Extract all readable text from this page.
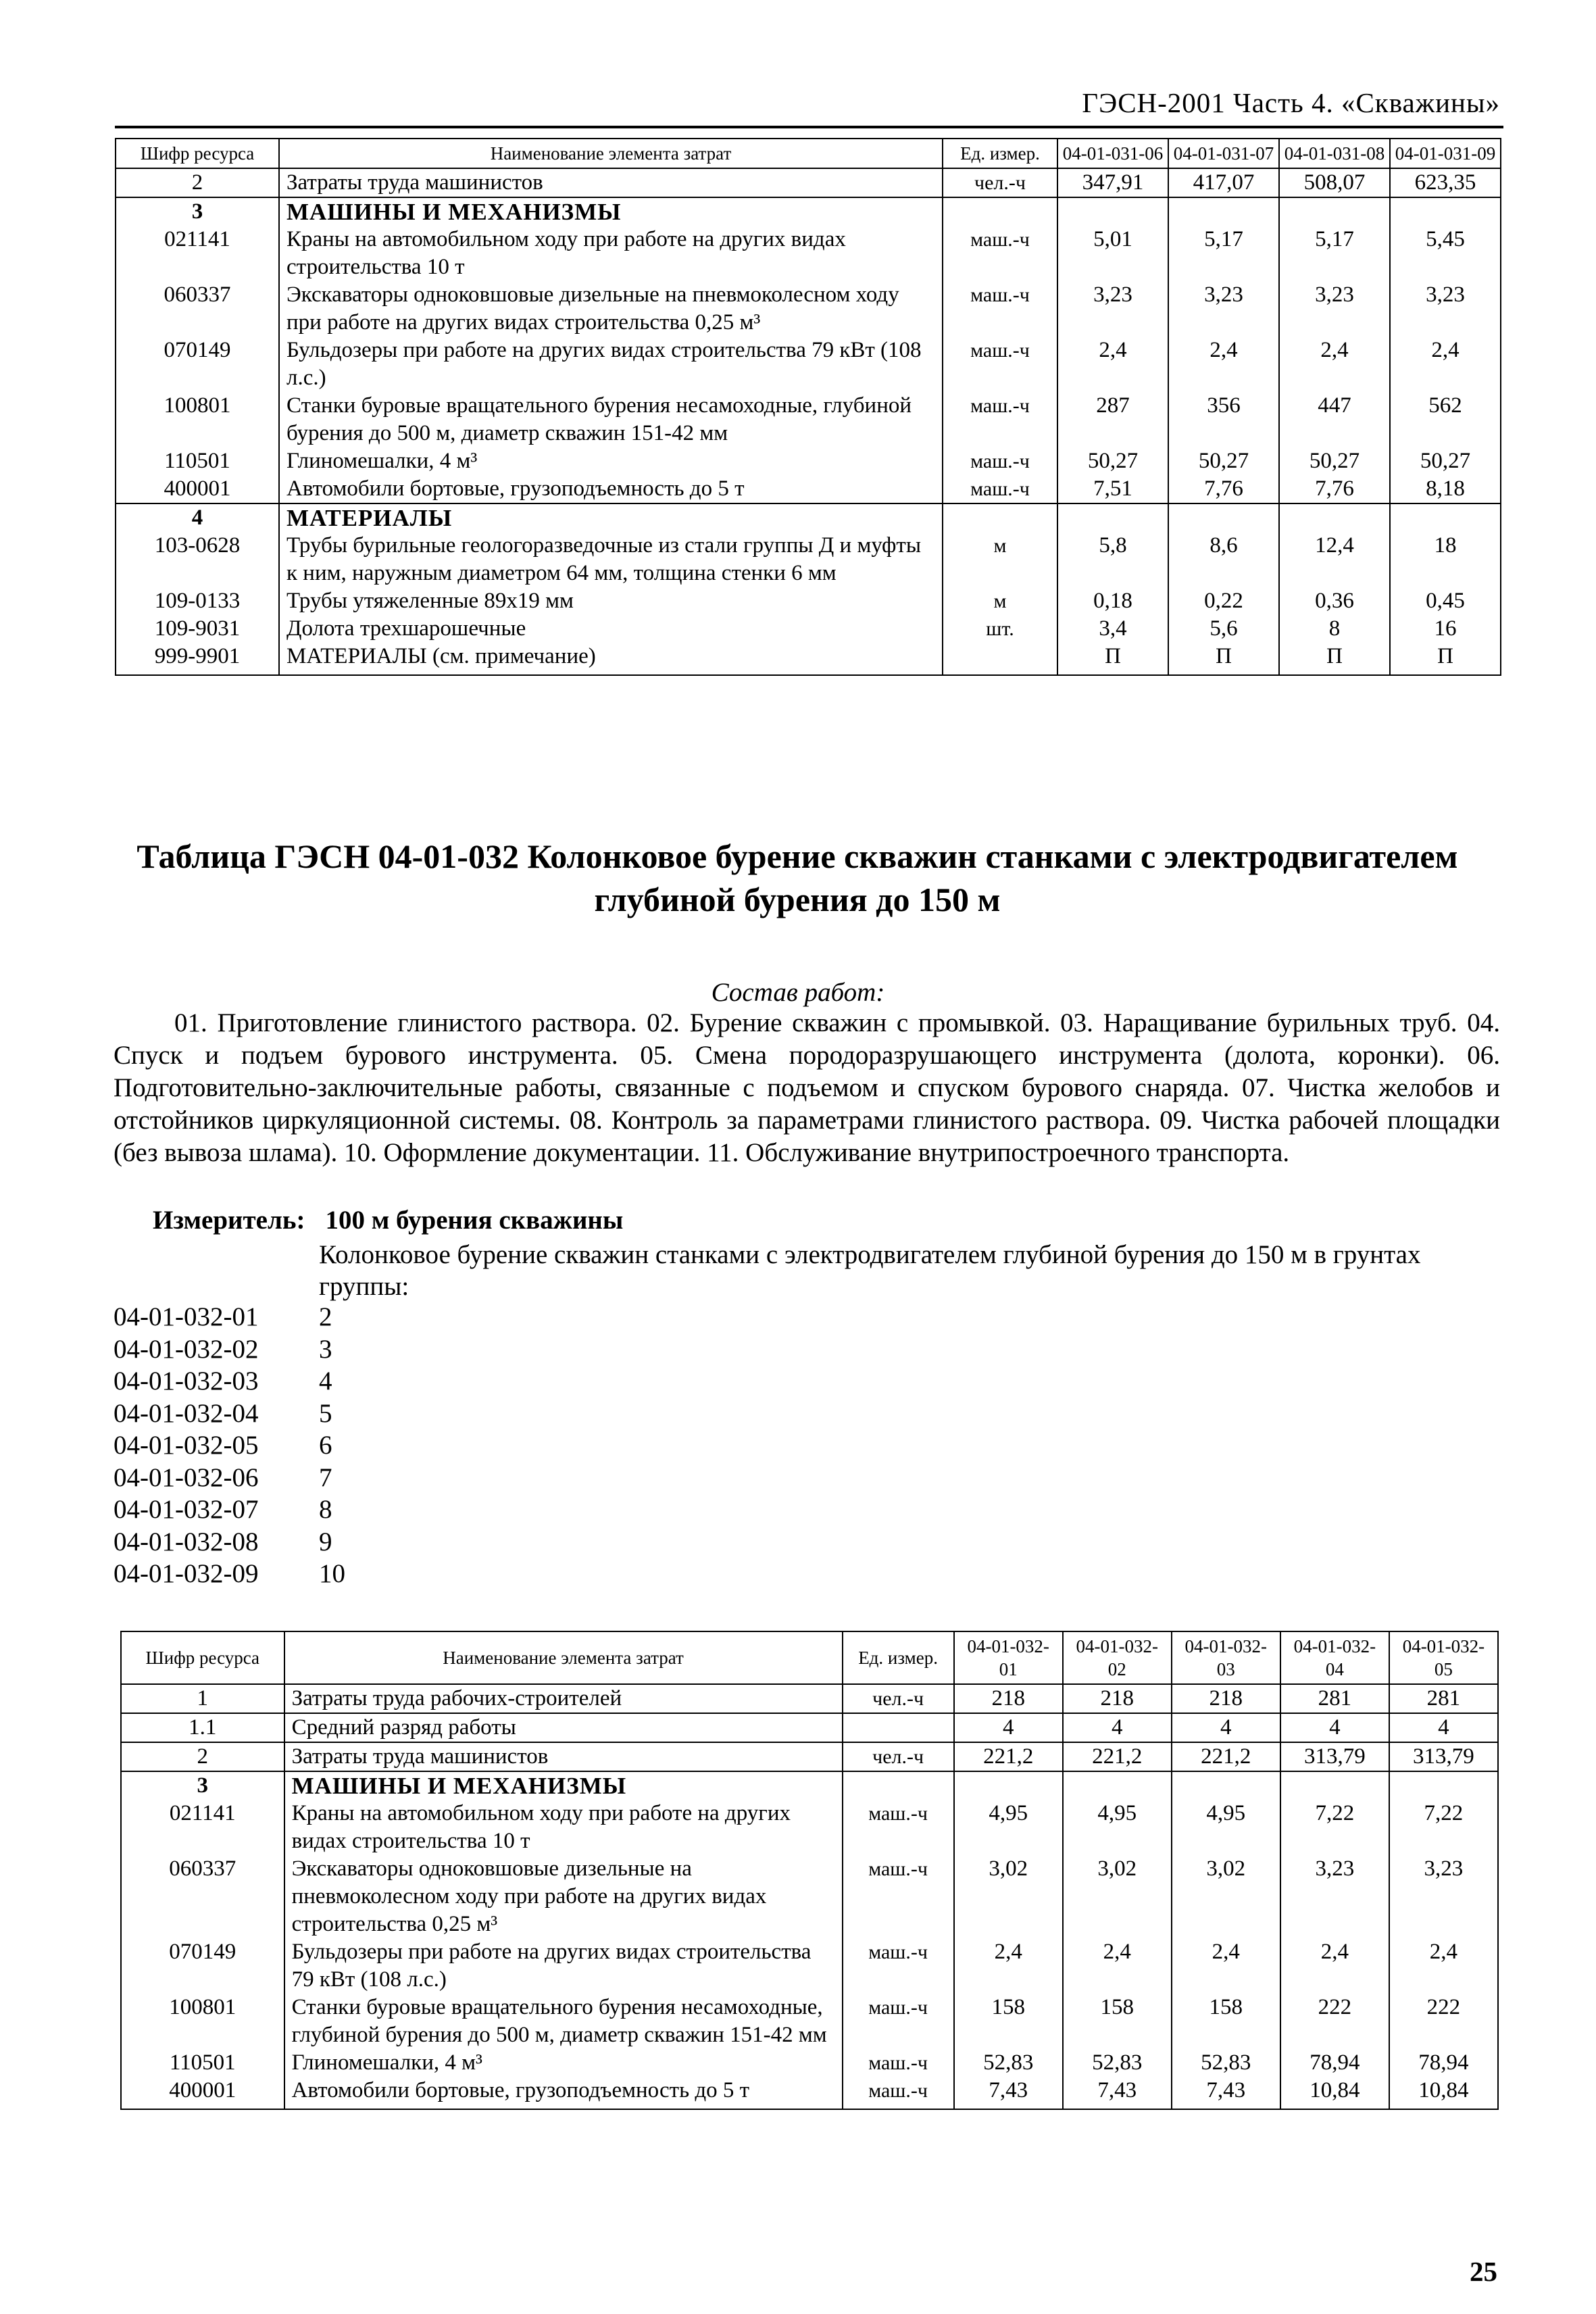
ГЭСН-2001 Часть 4. «Скважины»
Шифр ресурса	Наименование элемента затрат	Ед. измер.	04-01-031-06	04-01-031-07	04-01-031-08	04-01-031-09
2	Затраты труда машинистов	чел.-ч	347,91	417,07	508,07	623,35
3	МАШИНЫ И МЕХАНИЗМЫ					
021141	Краны на автомобильном ходу при работе на других видах строительства 10 т	маш.-ч	5,01	5,17	5,17	5,45
060337	Экскаваторы одноковшовые дизельные на пневмоколесном ходу при работе на других видах строительства 0,25 м³	маш.-ч	3,23	3,23	3,23	3,23
070149	Бульдозеры при работе на других видах строительства 79 кВт (108 л.с.)	маш.-ч	2,4	2,4	2,4	2,4
100801	Станки буровые вращательного бурения несамоходные, глубиной бурения до 500 м, диаметр скважин 151-42 мм	маш.-ч	287	356	447	562
110501	Глиномешалки, 4 м³	маш.-ч	50,27	50,27	50,27	50,27
400001	Автомобили бортовые, грузоподъемность до 5 т	маш.-ч	7,51	7,76	7,76	8,18
4	МАТЕРИАЛЫ					
103-0628	Трубы бурильные геологоразведочные из стали группы Д и муфты к ним, наружным диаметром 64 мм, толщина стенки 6 мм	м	5,8	8,6	12,4	18
109-0133	Трубы утяжеленные 89x19 мм	м	0,18	0,22	0,36	0,45
109-9031	Долота трехшарошечные	шт.	3,4	5,6	8	16
999-9901	МАТЕРИАЛЫ (см. примечание)		П	П	П	П
Таблица ГЭСН 04-01-032 Колонковое бурение скважин станками с электродвигателем глубиной бурения до 150 м
Состав работ:
01. Приготовление глинистого раствора. 02. Бурение скважин с промывкой. 03. Наращивание бурильных труб. 04. Спуск и подъем бурового инструмента. 05. Смена породоразрушающего инструмента (долота, коронки). 06. Подготовительно-заключительные работы, связанные с подъемом и спуском бурового снаряда. 07. Чистка желобов и отстойников циркуляционной системы. 08. Контроль за параметрами глинистого раствора. 09. Чистка рабочей площадки (без вывоза шлама). 10. Оформление документации. 11. Обслуживание внутрипостроечного транспорта.
Измеритель: 100 м бурения скважины
Колонковое бурение скважин станками с электродвигателем глубиной бурения до 150 м в грунтах группы:
04-01-032-01	2
04-01-032-02	3
04-01-032-03	4
04-01-032-04	5
04-01-032-05	6
04-01-032-06	7
04-01-032-07	8
04-01-032-08	9
04-01-032-09	10
Шифр ресурса	Наименование элемента затрат	Ед. измер.	04-01-032-01	04-01-032-02	04-01-032-03	04-01-032-04	04-01-032-05
1	Затраты труда рабочих-строителей	чел.-ч	218	218	218	281	281
1.1	Средний разряд работы		4	4	4	4	4
2	Затраты труда машинистов	чел.-ч	221,2	221,2	221,2	313,79	313,79
3	МАШИНЫ И МЕХАНИЗМЫ						
021141	Краны на автомобильном ходу при работе на других видах строительства 10 т	маш.-ч	4,95	4,95	4,95	7,22	7,22
060337	Экскаваторы одноковшовые дизельные на пневмоколесном ходу при работе на других видах строительства 0,25 м³	маш.-ч	3,02	3,02	3,02	3,23	3,23
070149	Бульдозеры при работе на других видах строительства 79 кВт (108 л.с.)	маш.-ч	2,4	2,4	2,4	2,4	2,4
100801	Станки буровые вращательного бурения несамоходные, глубиной бурения до 500 м, диаметр скважин 151-42 мм	маш.-ч	158	158	158	222	222
110501	Глиномешалки, 4 м³	маш.-ч	52,83	52,83	52,83	78,94	78,94
400001	Автомобили бортовые, грузоподъемность до 5 т	маш.-ч	7,43	7,43	7,43	10,84	10,84
25
